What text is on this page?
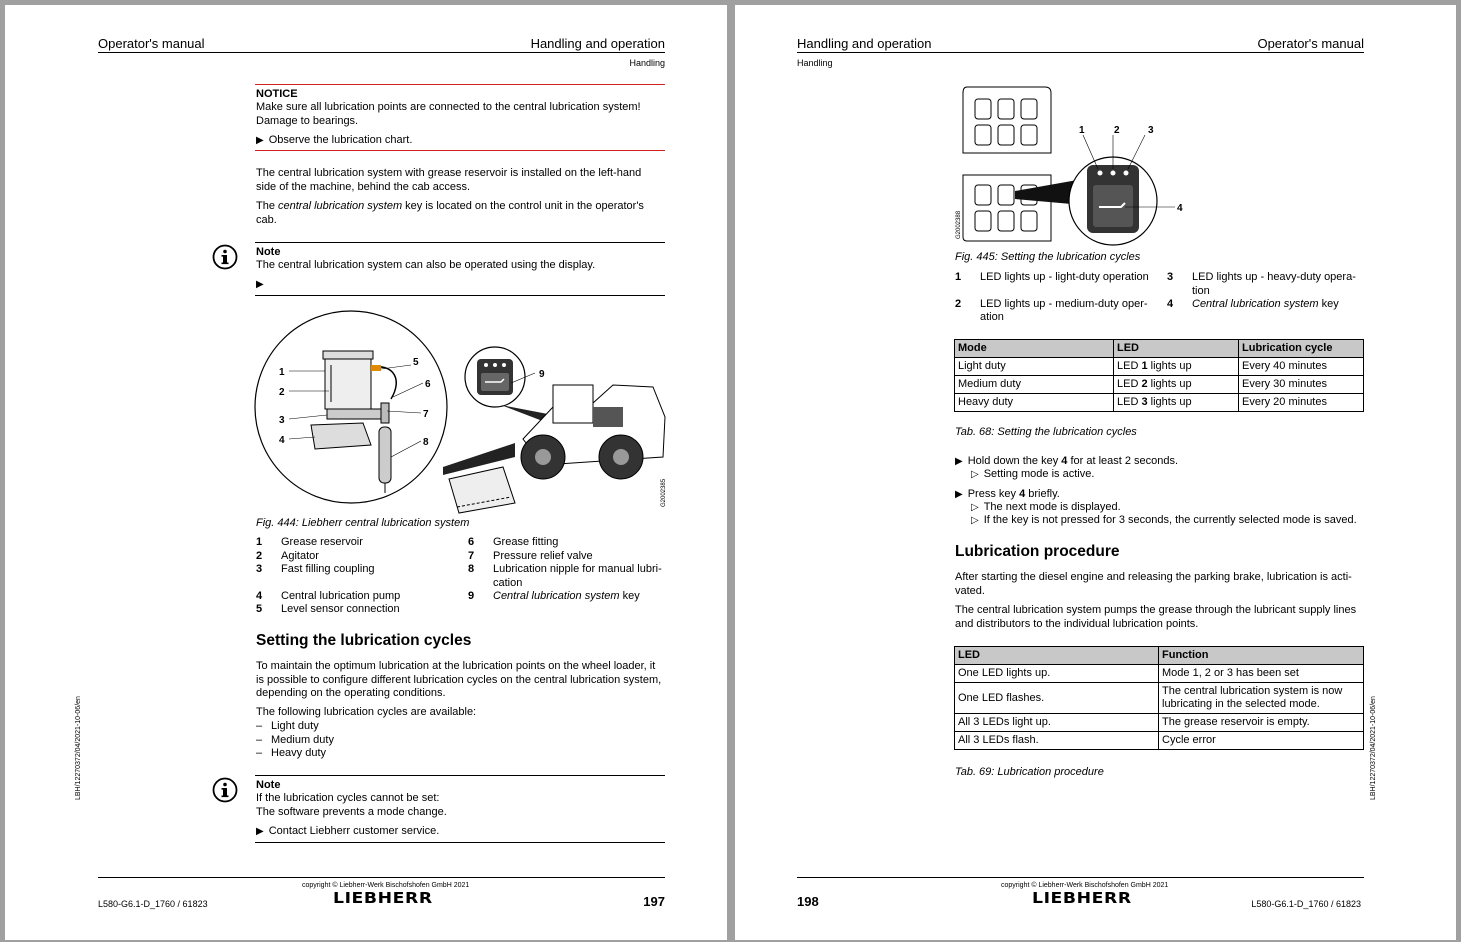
Operator's manual	Handling and operation
Handling
NOTICE
Make sure all lubrication points are connected to the central lubrication system!
Damage to bearings.
▶ Observe the lubrication chart.
The central lubrication system with grease reservoir is installed on the left-hand
side of the machine, behind the cab access.
The central lubrication system key is located on the control unit in the operator's
cab.
Note
The central lubrication system can also be operated using the display.
▶
1
2
3
4
5
6
7
8
9
G2002385
Fig. 444: Liebherr central lubrication system
1	Grease reservoir
2	Agitator
3	Fast filling coupling
4	Central lubrication pump
5	Level sensor connection
6	Grease fitting
7	Pressure relief valve
8	Lubrication nipple for manual lubri-
cation
9	Central lubrication system key
Setting the lubrication cycles
To maintain the optimum lubrication at the lubrication points on the wheel loader, it
is possible to configure different lubrication cycles on the central lubrication system,
depending on the operating conditions.
The following lubrication cycles are available:
– Light duty
– Medium duty
– Heavy duty
Note
If the lubrication cycles cannot be set:
The software prevents a mode change.
▶ Contact Liebherr customer service.
LBH/12270372/04/2021-10-06/en
copyright © Liebherr-Werk Bischofshofen GmbH 2021
L580-G6.1-D_1760 / 61823	LIEBHERR	197
Handling and operation	Operator's manual
Handling
1	2	3
4
G2002388
Fig. 445: Setting the lubrication cycles
1	LED lights up - light-duty operation
2	LED lights up - medium-duty oper-
ation
3	LED lights up - heavy-duty opera-
tion
4	Central lubrication system key
Mode	LED	Lubrication cycle
Light duty	LED 1 lights up	Every 40 minutes
Medium duty	LED 2 lights up	Every 30 minutes
Heavy duty	LED 3 lights up	Every 20 minutes
Tab. 68: Setting the lubrication cycles
▶ Hold down the key 4 for at least 2 seconds.
▷ Setting mode is active.
▶ Press key 4 briefly.
▷ The next mode is displayed.
▷ If the key is not pressed for 3 seconds, the currently selected mode is saved.
Lubrication procedure
After starting the diesel engine and releasing the parking brake, lubrication is acti-
vated.
The central lubrication system pumps the grease through the lubricant supply lines
and distributors to the individual lubrication points.
LED	Function
One LED lights up.	Mode 1, 2 or 3 has been set
One LED flashes.	The central lubrication system is now lubricating in the selected mode.
All 3 LEDs light up.	The grease reservoir is empty.
All 3 LEDs flash.	Cycle error
Tab. 69: Lubrication procedure	LBH/12270372/04/2021-10-06/en
copyright © Liebherr-Werk Bischofshofen GmbH 2021
198	LIEBHERR	L580-G6.1-D_1760 / 61823
